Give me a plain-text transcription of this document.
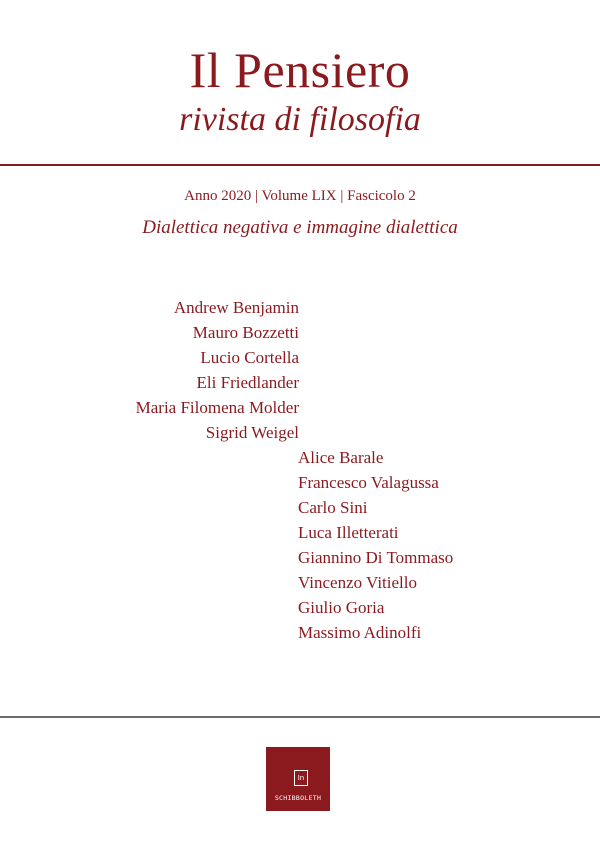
Il Pensiero
rivista di filosofia
Anno 2020 | Volume LIX | Fascicolo 2
Dialettica negativa e immagine dialettica
Andrew Benjamin
Mauro Bozzetti
Lucio Cortella
Eli Friedlander
Maria Filomena Molder
Sigrid Weigel
Alice Barale
Francesco Valagussa
Carlo Sini
Luca Illetterati
Giannino Di Tommaso
Vincenzo Vitiello
Giulio Goria
Massimo Adinolfi
In
SCHIBBOLETH
